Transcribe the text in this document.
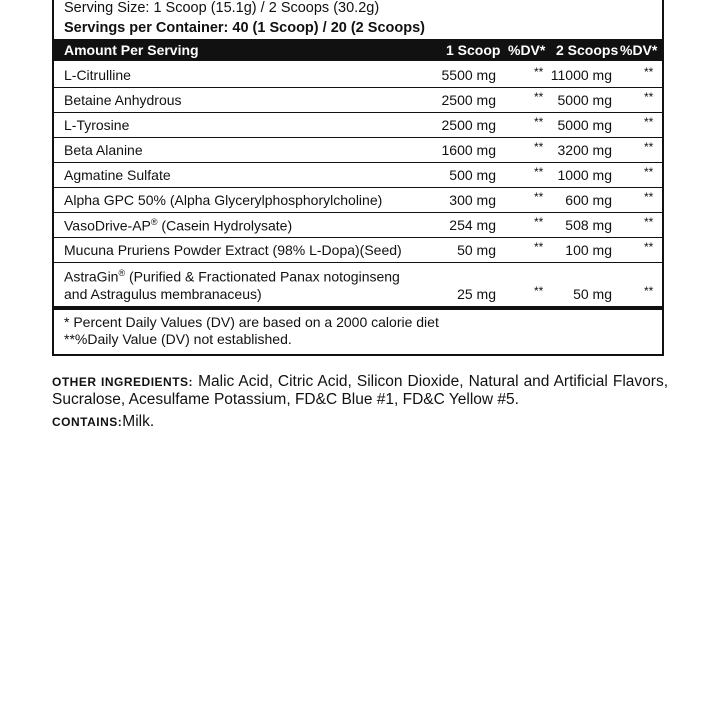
Serving Size: 1 Scoop (15.1g) / 2 Scoops (30.2g)
Servings per Container: 40 (1 Scoop) / 20 (2 Scoops)
Amount Per Serving	1 Scoop %DV* 2 Scoops %DV*
L-Citrulline	5500 mg	** 11000 mg	**
Betaine Anhydrous	2500 mg	** 5000 mg	**
L-Tyrosine	2500 mg	** 5000 mg	**
Beta Alanine	1600 mg	** 3200 mg	**
Agmatine Sulfate	500 mg	** 1000 mg	**
Alpha GPC 50% (Alpha Glycerylphosphorylcholine)	300 mg	** 600 mg	**
VasoDrive-AP® (Casein Hydrolysate)	254 mg	** 508 mg	**
Mucuna Pruriens Powder Extract (98% L-Dopa)(Seed)	50 mg	** 100 mg	**
AstraGin® (Purified & Fractionated Panax notoginseng
and Astragulus membranaceus)	25 mg	** 50 mg	**
* Percent Daily Values (DV) are based on a 2000 calorie diet
**%Daily Value (DV) not established.
OTHER INGREDIENTS: Malic Acid, Citric Acid, Silicon Dioxide, Natural and Artificial Flavors, Sucralose, Acesulfame Potassium, FD&C Blue #1, FD&C Yellow #5.
CONTAINS:Milk.
